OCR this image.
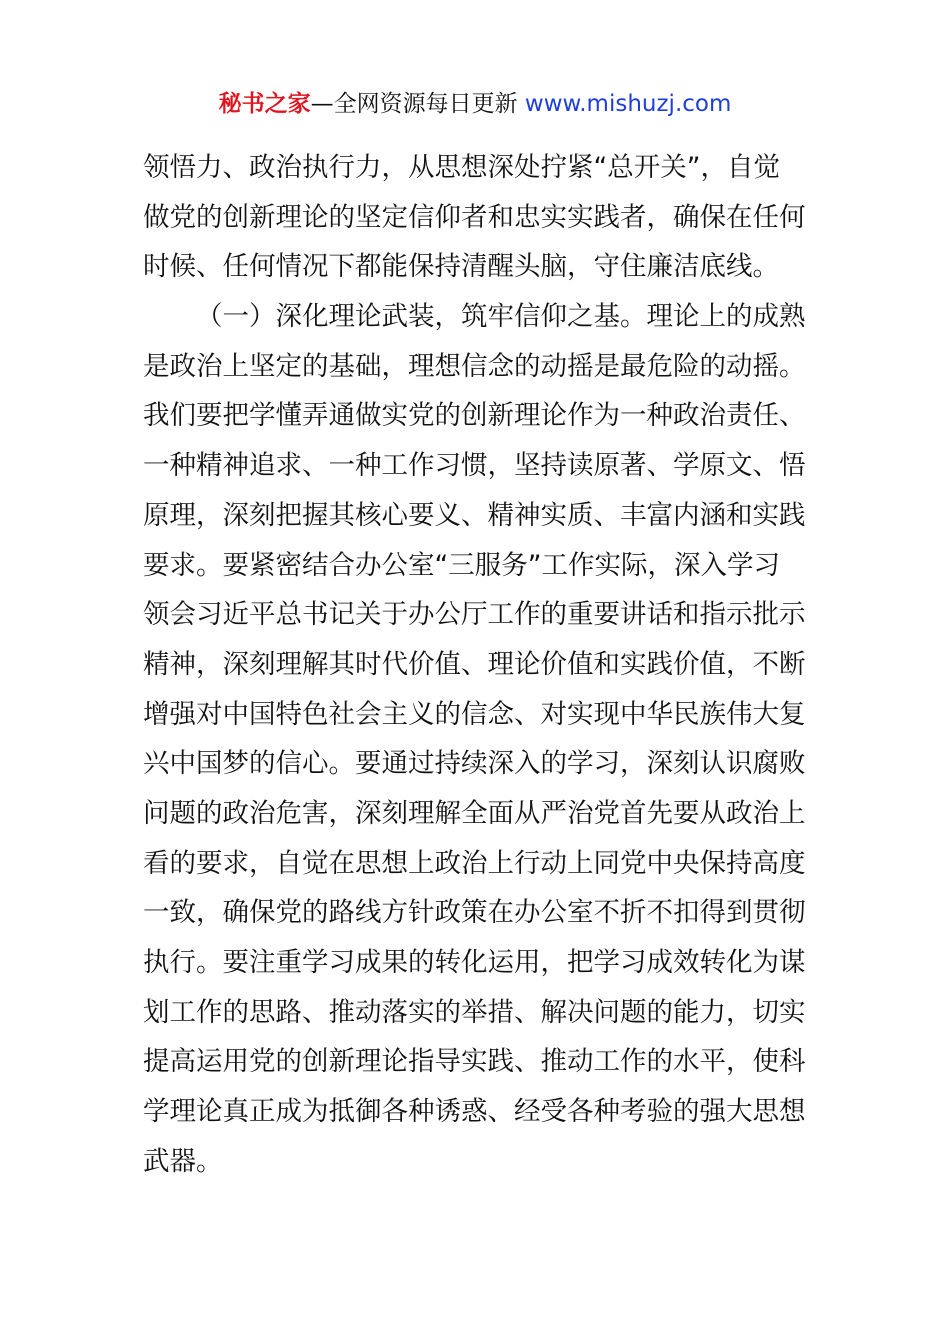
秘书之家—全网资源每日更新 www.mishuzj.com
领悟力、政治执行力，从思想深处拧紧“总开关”，自觉
做党的创新理论的坚定信仰者和忠实实践者，确保在任何
时候、任何情况下都能保持清醒头脑，守住廉洁底线。
（一）深化理论武装，筑牢信仰之基。理论上的成熟
是政治上坚定的基础，理想信念的动摇是最危险的动摇。
我们要把学懂弄通做实党的创新理论作为一种政治责任、
一种精神追求、一种工作习惯，坚持读原著、学原文、悟
原理，深刻把握其核心要义、精神实质、丰富内涵和实践
要求。要紧密结合办公室“三服务”工作实际，深入学习
领会习近平总书记关于办公厅工作的重要讲话和指示批示
精神，深刻理解其时代价值、理论价值和实践价值，不断
增强对中国特色社会主义的信念、对实现中华民族伟大复
兴中国梦的信心。要通过持续深入的学习，深刻认识腐败
问题的政治危害，深刻理解全面从严治党首先要从政治上
看的要求，自觉在思想上政治上行动上同党中央保持高度
一致，确保党的路线方针政策在办公室不折不扣得到贯彻
执行。要注重学习成果的转化运用，把学习成效转化为谋
划工作的思路、推动落实的举措、解决问题的能力，切实
提高运用党的创新理论指导实践、推动工作的水平，使科
学理论真正成为抵御各种诱惑、经受各种考验的强大思想
武器。
